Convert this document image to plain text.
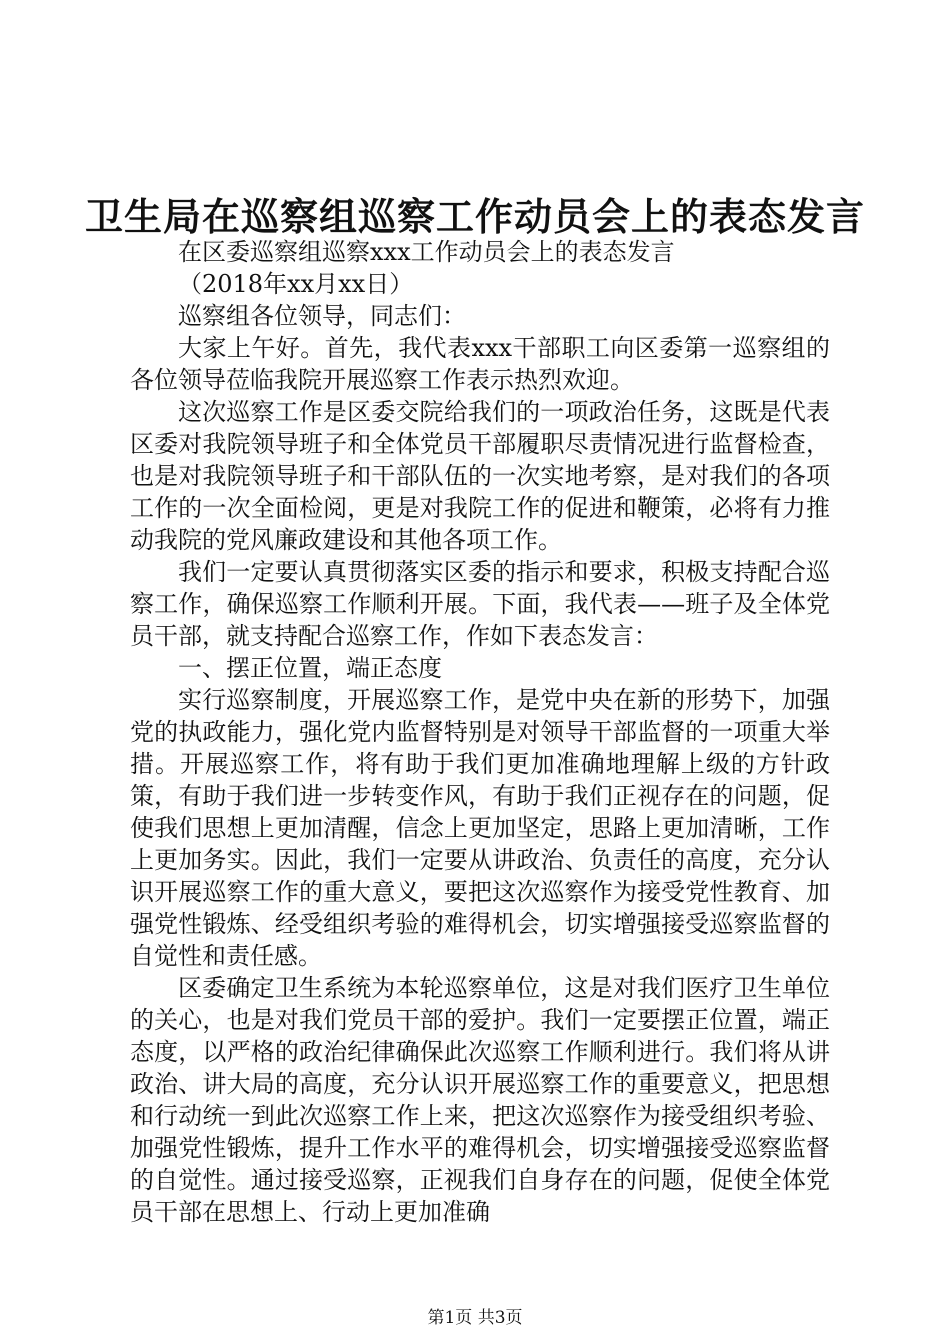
卫生局在巡察组巡察工作动员会上的表态发言

在区委巡察组巡察xxx工作动员会上的表态发言

（2018年xx月xx日）

巡察组各位领导，同志们：

大家上午好。首先，我代表xxx干部职工向区委第一巡察组的各位领导莅临我院开展巡察工作表示热烈欢迎。

这次巡察工作是区委交院给我们的一项政治任务，这既是代表区委对我院领导班子和全体党员干部履职尽责情况进行监督检查，也是对我院领导班子和干部队伍的一次实地考察，是对我们的各项工作的一次全面检阅，更是对我院工作的促进和鞭策，必将有力推动我院的党风廉政建设和其他各项工作。

我们一定要认真贯彻落实区委的指示和要求，积极支持配合巡察工作，确保巡察工作顺利开展。下面，我代表——班子及全体党员干部，就支持配合巡察工作，作如下表态发言：

一、摆正位置，端正态度

实行巡察制度，开展巡察工作，是党中央在新的形势下，加强党的执政能力，强化党内监督特别是对领导干部监督的一项重大举措。开展巡察工作，将有助于我们更加准确地理解上级的方针政策，有助于我们进一步转变作风，有助于我们正视存在的问题，促使我们思想上更加清醒，信念上更加坚定，思路上更加清晰，工作上更加务实。因此，我们一定要从讲政治、负责任的高度，充分认识开展巡察工作的重大意义，要把这次巡察作为接受党性教育、加强党性锻炼、经受组织考验的难得机会，切实增强接受巡察监督的自觉性和责任感。

区委确定卫生系统为本轮巡察单位，这是对我们医疗卫生单位的关心，也是对我们党员干部的爱护。我们一定要摆正位置，端正态度，以严格的政治纪律确保此次巡察工作顺利进行。我们将从讲政治、讲大局的高度，充分认识开展巡察工作的重要意义，把思想和行动统一到此次巡察工作上来，把这次巡察作为接受组织考验、加强党性锻炼，提升工作水平的难得机会，切实增强接受巡察监督的自觉性。通过接受巡察，正视我们自身存在的问题，促使全体党员干部在思想上、行动上更加准确

第1页 共3页
